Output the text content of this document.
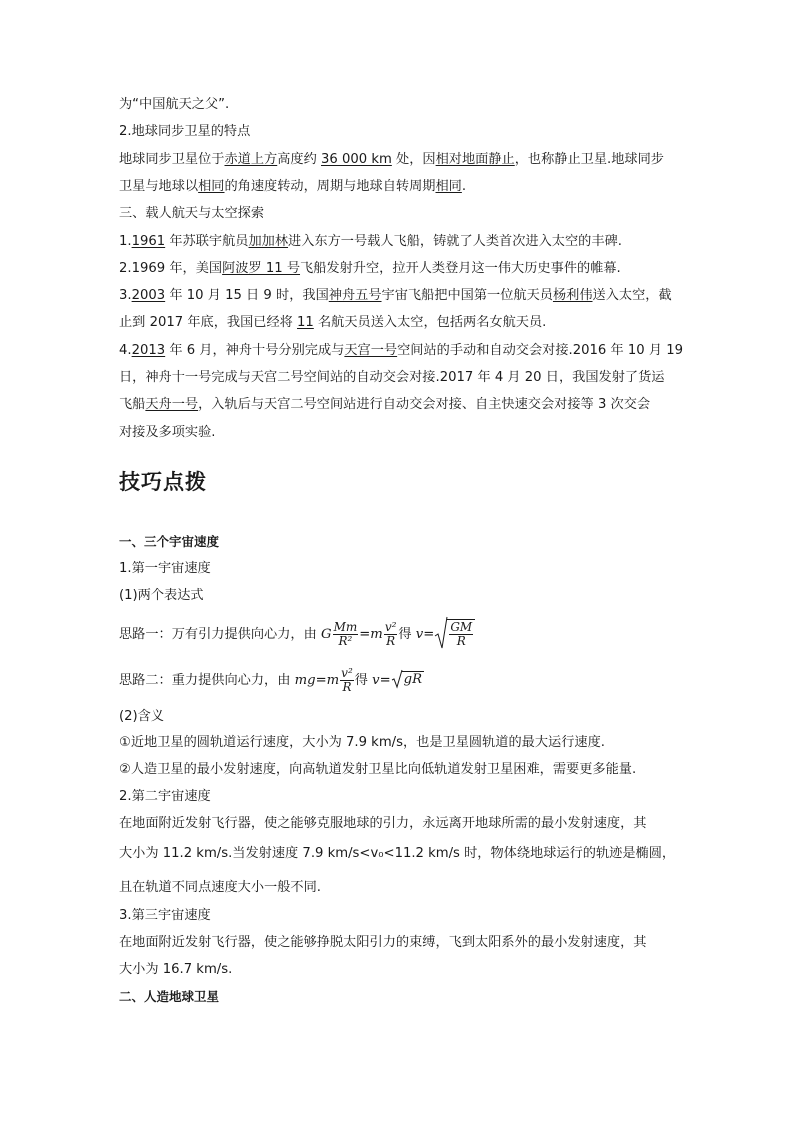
为“中国航天之父”.
2.地球同步卫星的特点
地球同步卫星位于赤道上方高度约 36 000 km 处，因相对地面静止，也称静止卫星.地球同步
卫星与地球以相同的角速度转动，周期与地球自转周期相同.
三、载人航天与太空探索
1.1961 年苏联宇航员加加林进入东方一号载人飞船，铸就了人类首次进入太空的丰碑.
2.1969 年，美国阿波罗 11 号飞船发射升空，拉开人类登月这一伟大历史事件的帷幕.
3.2003 年 10 月 15 日 9 时，我国神舟五号宇宙飞船把中国第一位航天员杨利伟送入太空，截
止到 2017 年底，我国已经将 11 名航天员送入太空，包括两名女航天员.
4.2013 年 6 月，神舟十号分别完成与天宫一号空间站的手动和自动交会对接.2016 年 10 月 19
日，神舟十一号完成与天宫二号空间站的自动交会对接.2017 年 4 月 20 日，我国发射了货运
飞船天舟一号，入轨后与天宫二号空间站进行自动交会对接、自主快速交会对接等 3 次交会
对接及多项实验.
技巧点拨
一、三个宇宙速度
1.第一宇宙速度
(1)两个表达式
思路一：万有引力提供向心力，由 G $\frac{Mm}{\text{R²}} =m \frac{\text{v²}}{R}$ 得 $v= \frac{GM}{R}$
思路二：重力提供向心力，由 $mg=m \frac{\text{v²}}{R}$ 得 v= gR
(2)含义
①近地卫星的圆轨道运行速度，大小为 7.9 km/s，也是卫星圆轨道的最大运行速度.
②人造卫星的最小发射速度，向高轨道发射卫星比向低轨道发射卫星困难，需要更多能量.
2.第二宇宙速度
在地面附近发射飞行器，使之能够克服地球的引力，永远离开地球所需的最小发射速度，其
大小为 11.2 km/s.当发射速度 7.9 km/s<v₀<11.2 km/s 时，物体绕地球运行的轨迹是椭圆，
且在轨道不同点速度大小一般不同.
3.第三宇宙速度
在地面附近发射飞行器，使之能够挣脱太阳引力的束缚，飞到太阳系外的最小发射速度，其
大小为 16.7 km/s.
二、人造地球卫星
